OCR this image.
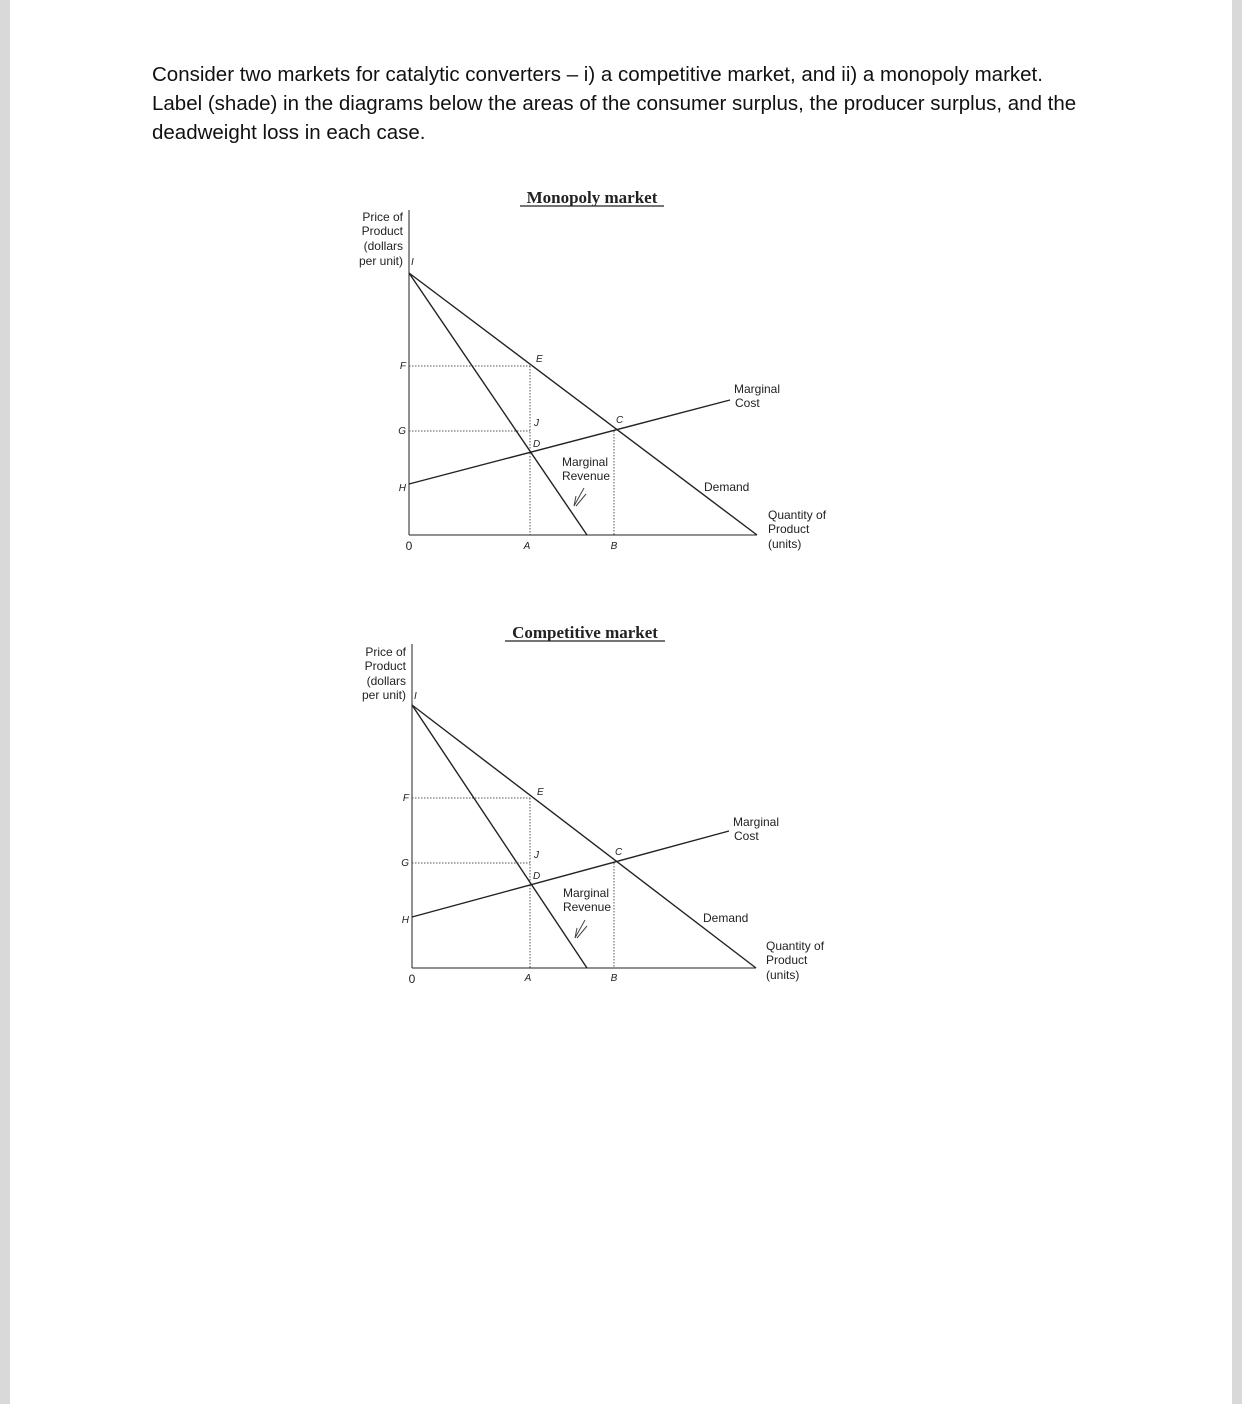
Consider two markets for catalytic converters – i) a competitive market, and ii) a monopoly market. Label (shade) in the diagrams below the areas of the consumer surplus, the producer surplus, and the deadweight loss in each case.

Monopoly market
Price of
Product
(dollars
per unit) I
F
G
H
E
J
D
C
A	B
0
Marginal
Cost
Marginal
Revenue
Demand
Quantity of
Product
(units)
Competitive market
Price of
Product
(dollars
per unit) I
F
G
H
E
J
D
C
A	B
0
Marginal
Cost
Marginal
Revenue
Demand
Quantity of
Product
(units)
